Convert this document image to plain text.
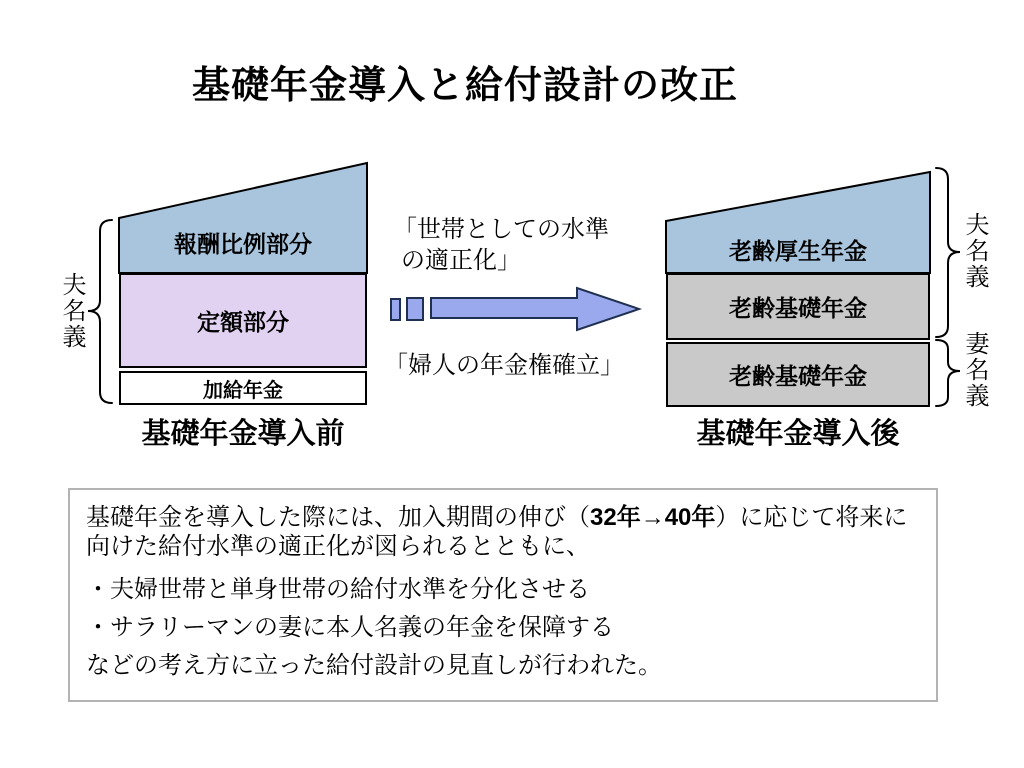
基礎年金導入と給付設計の改正
報酬比例部分
定額部分
加給年金
基礎年金導入前
夫名義
「世帯としての水準
の適正化」
「婦人の年金権確立」
老齢厚生年金
老齢基礎年金
老齢基礎年金
基礎年金導入後
夫名義
妻名義
基礎年金を導入した際には、加入期間の伸び（32年→40年）に応じて将来に
向けた給付水準の適正化が図られるとともに、
・夫婦世帯と単身世帯の給付水準を分化させる
・サラリーマンの妻に本人名義の年金を保障する
などの考え方に立った給付設計の見直しが行われた。
